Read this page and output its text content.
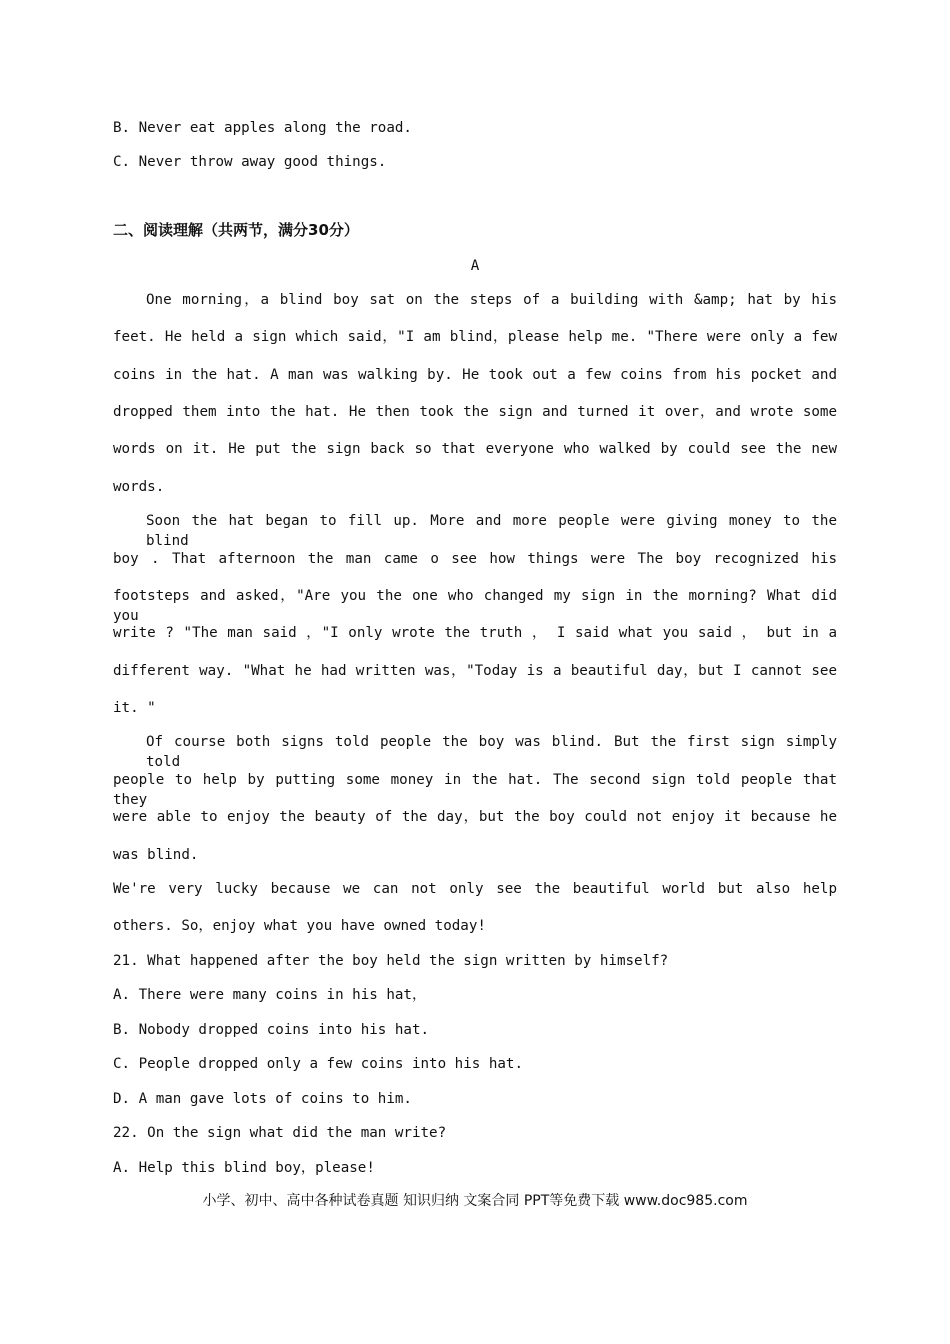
B. Never eat apples along the road.
C. Never throw away good things.
二、阅读理解（共两节，满分30分）
A
One morning，a blind boy sat on the steps of a building with &amp; hat by his
feet. He held a sign which said，"I am blind，please help me. "There were only a few
coins in the hat. A man was walking by. He took out a few coins from his pocket and
dropped them into the hat. He then took the sign and turned it over，and wrote some
words on it. He put the sign back so that everyone who walked by could see the new
words.
Soon the hat began to fill up. More and more people were giving money to the blind
boy . That afternoon the man came o see how things were The boy recognized his
footsteps and asked，"Are you the one who changed my sign in the morning? What did you
write ? "The man said ，"I only wrote the truth ， I said what you said ， but in a
different way. "What he had written was，"Today is a beautiful day，but I cannot see
it. "
Of course both signs told people the boy was blind. But the first sign simply told
people to help by putting some money in the hat. The second sign told people that they
were able to enjoy the beauty of the day，but the boy could not enjoy it because he
was blind.
We're very lucky because we can not only see the beautiful world but also help
others. So，enjoy what you have owned today!
21. What happened after the boy held the sign written by himself?
A. There were many coins in his hat，
B. Nobody dropped coins into his hat.
C. People dropped only a few coins into his hat.
D. A man gave lots of coins to him.
22. On the sign what did the man write?
A. Help this blind boy，please!
小学、初中、高中各种试卷真题 知识归纳 文案合同 PPT等免费下载 www.doc985.com
